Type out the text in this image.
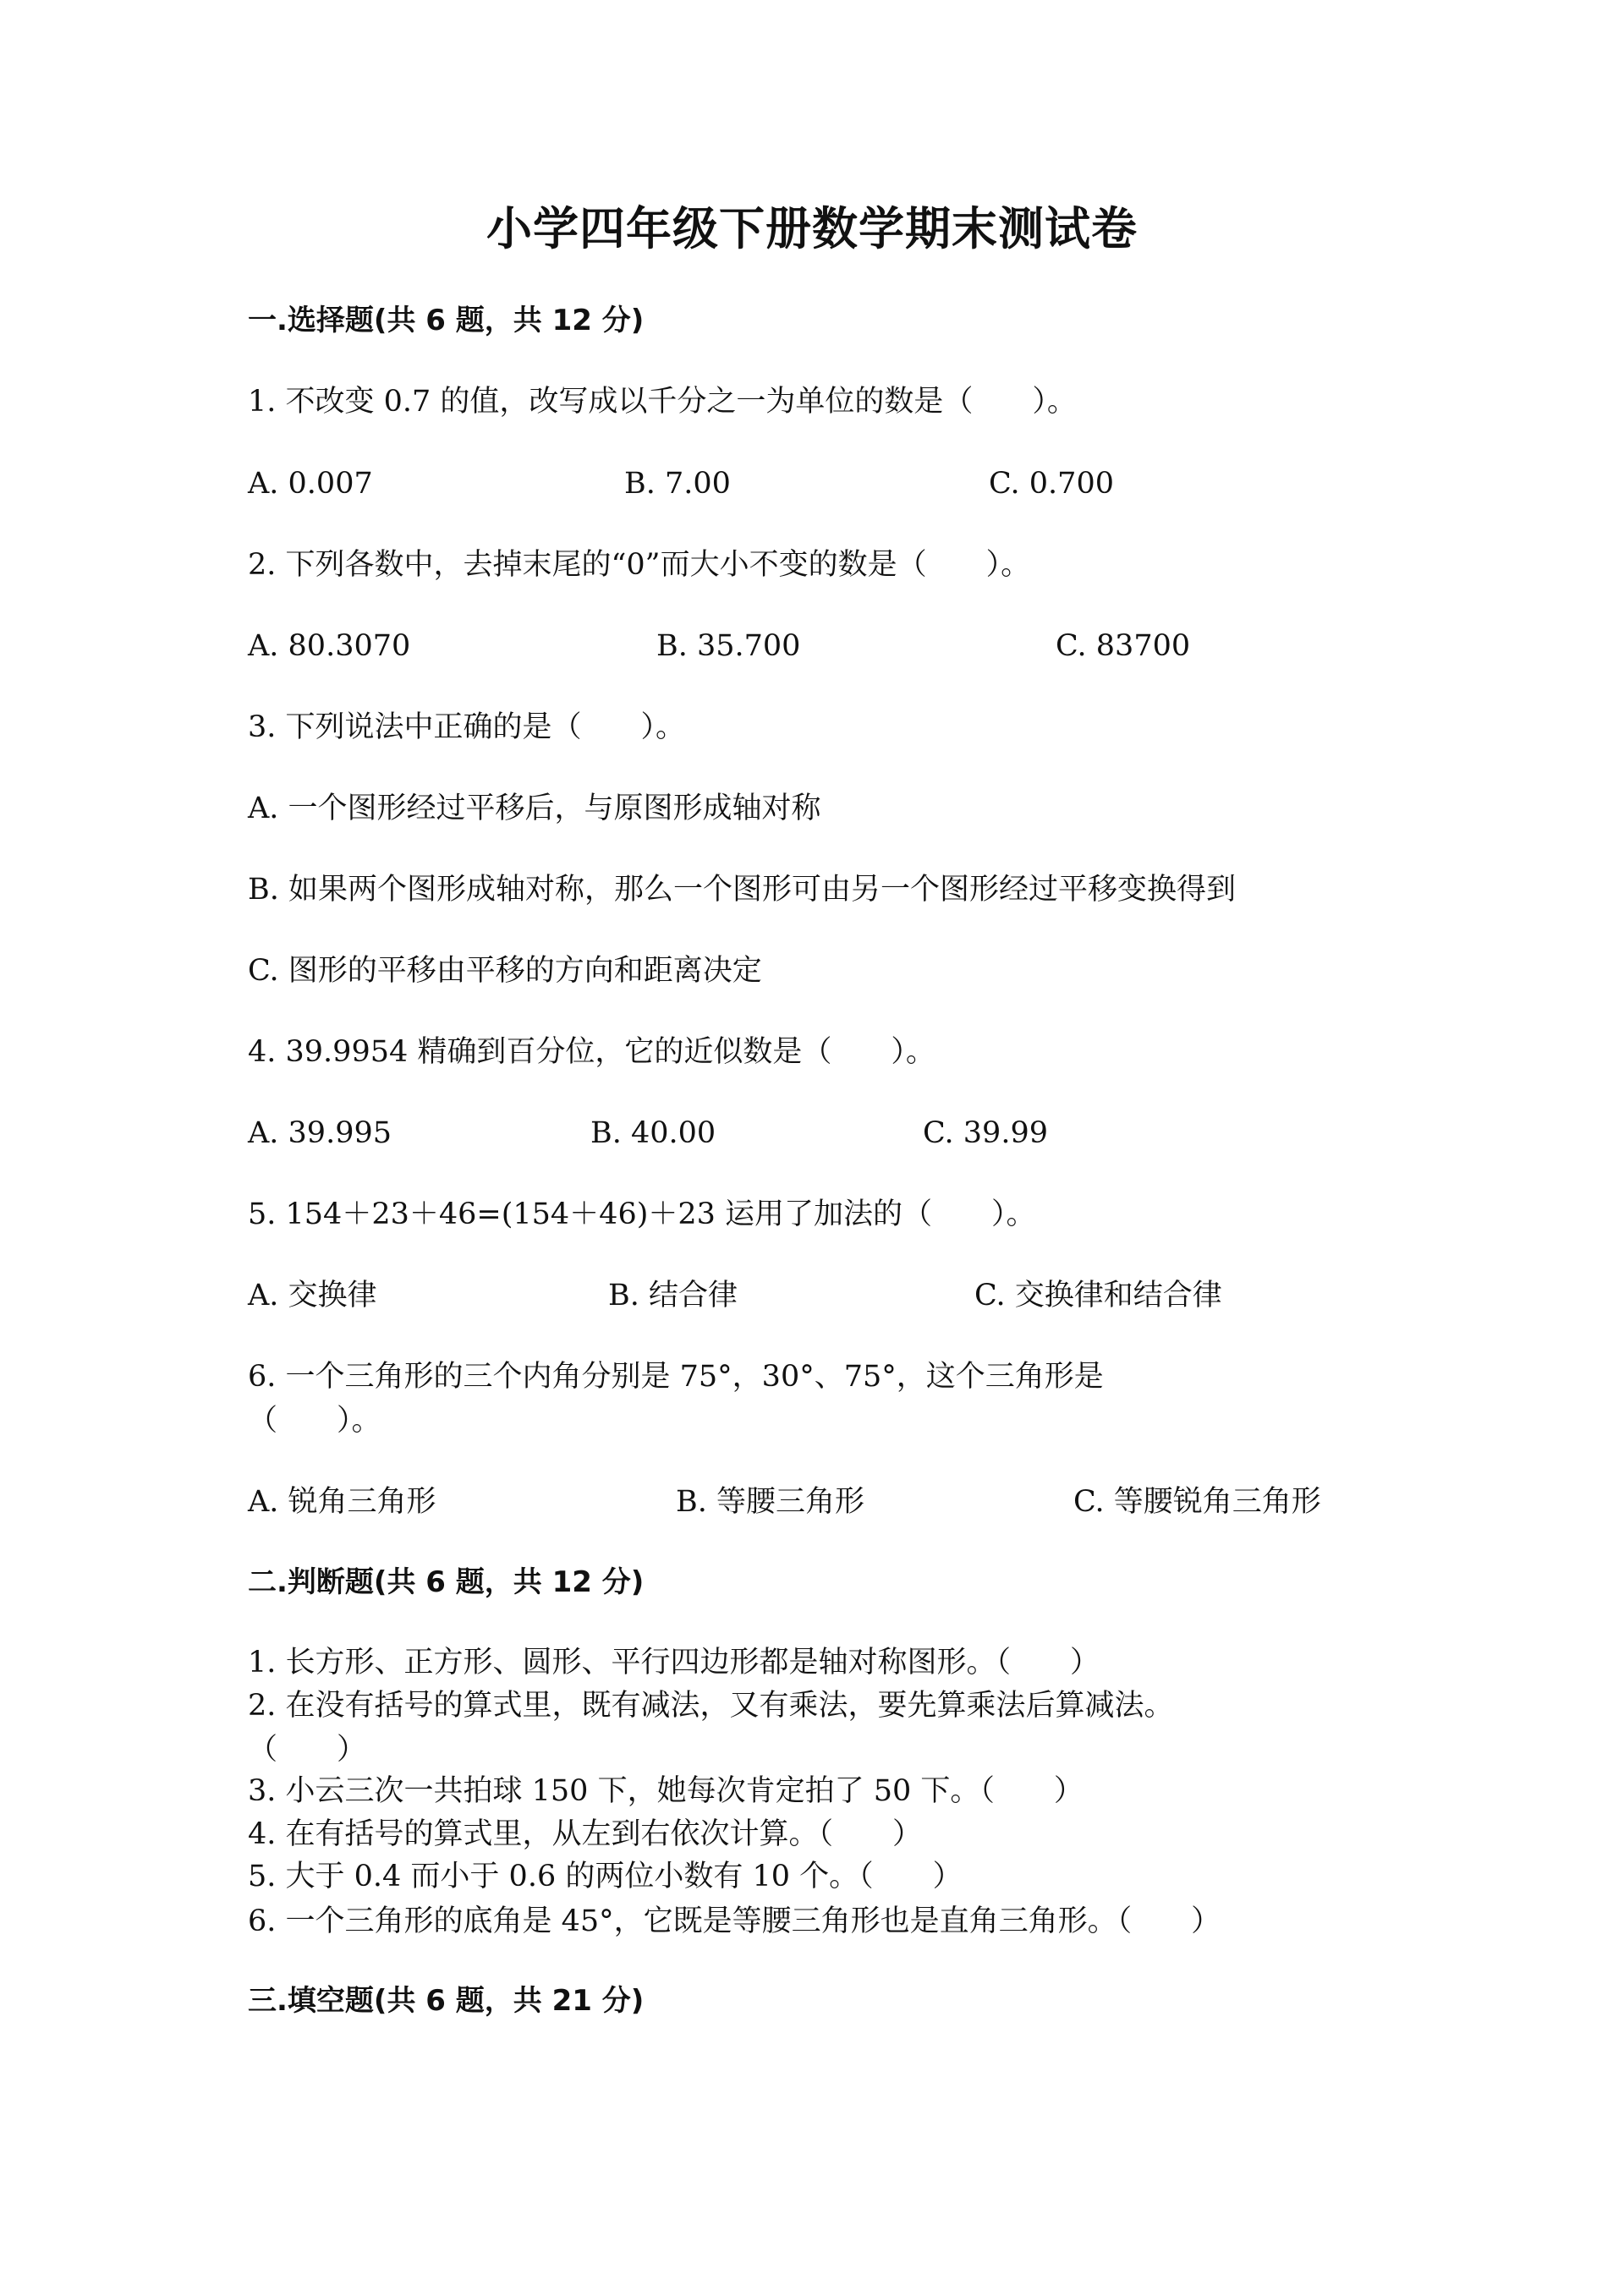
小学四年级下册数学期末测试卷
一.选择题(共 6 题，共 12 分)
1. 不改变 0.7 的值，改写成以千分之一为单位的数是（　　）。
A. 0.007	B. 7.00	C. 0.700
2. 下列各数中，去掉末尾的“0”而大小不变的数是（　　）。
A. 80.3070	B. 35.700	C. 83700
3. 下列说法中正确的是（　　）。
A. 一个图形经过平移后，与原图形成轴对称
B. 如果两个图形成轴对称，那么一个图形可由另一个图形经过平移变换得到
C. 图形的平移由平移的方向和距离决定
4. 39.9954 精确到百分位，它的近似数是（　　）。
A. 39.995	B. 40.00	C. 39.99
5. 154＋23＋46=(154＋46)＋23 运用了加法的（　　）。
A. 交换律	B. 结合律	C. 交换律和结合律
6. 一个三角形的三个内角分别是 75°，30°、75°，这个三角形是
（　　）。
A. 锐角三角形	B. 等腰三角形	C. 等腰锐角三角形
二.判断题(共 6 题，共 12 分)
1. 长方形、正方形、圆形、平行四边形都是轴对称图形。（　　）
2. 在没有括号的算式里，既有减法，又有乘法，要先算乘法后算减法。
（　　）
3. 小云三次一共拍球 150 下，她每次肯定拍了 50 下。（　　）
4. 在有括号的算式里，从左到右依次计算。（　　）
5. 大于 0.4 而小于 0.6 的两位小数有 10 个。（　　）
6. 一个三角形的底角是 45°，它既是等腰三角形也是直角三角形。（　　）
三.填空题(共 6 题，共 21 分)
